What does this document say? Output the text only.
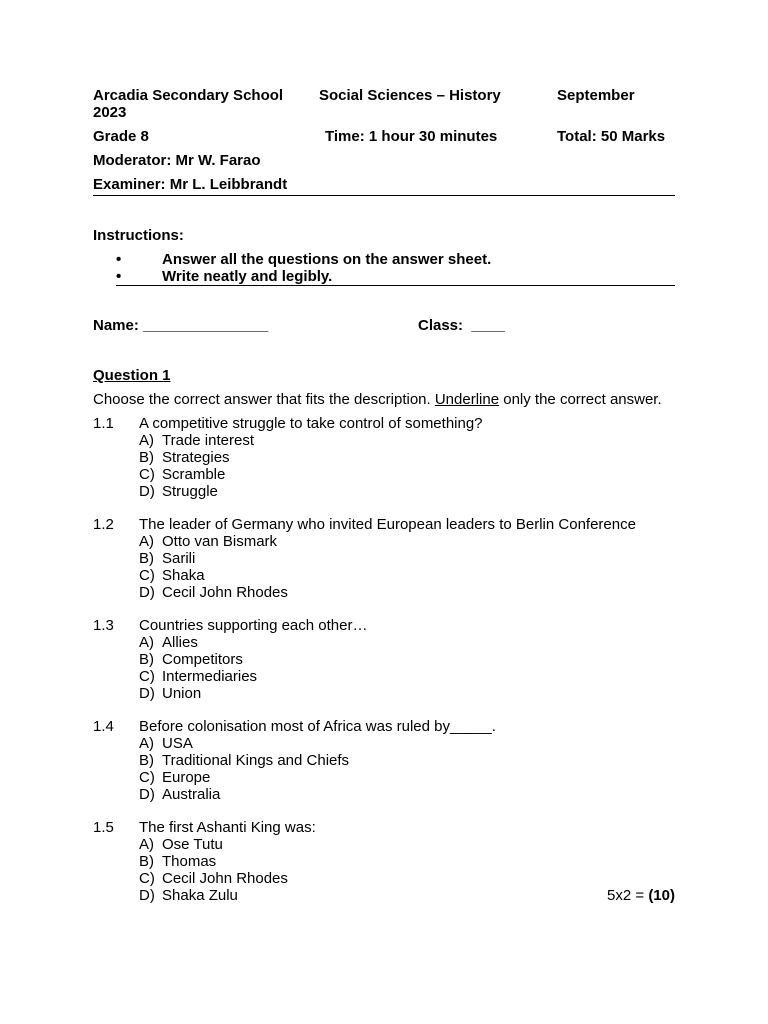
Arcadia Secondary School Social Sciences – History	September
2023
Grade 8	Time: 1 hour 30 minutes	Total: 50 Marks
Moderator: Mr W. Farao
Examiner: Mr L. Leibbrandt
Instructions:
•	Answer all the questions on the answer sheet.
•	Write neatly and legibly.
Name: _______________	Class: ____
Question 1
Choose the correct answer that fits the description. Underline only the correct answer.
1.1 A competitive struggle to take control of something?
A) Trade interest
B) Strategies
C) Scramble
D) Struggle
1.2 The leader of Germany who invited European leaders to Berlin Conference
A) Otto van Bismark
B) Sarili
C) Shaka
D) Cecil John Rhodes
1.3 Countries supporting each other…
A) Allies
B) Competitors
C) Intermediaries
D) Union
1.4 Before colonisation most of Africa was ruled by_____.
A) USA
B) Traditional Kings and Chiefs
C) Europe
D) Australia
1.5 The first Ashanti King was:
A) Ose Tutu
B) Thomas
C) Cecil John Rhodes
D) Shaka Zulu	5x2 = (10)
